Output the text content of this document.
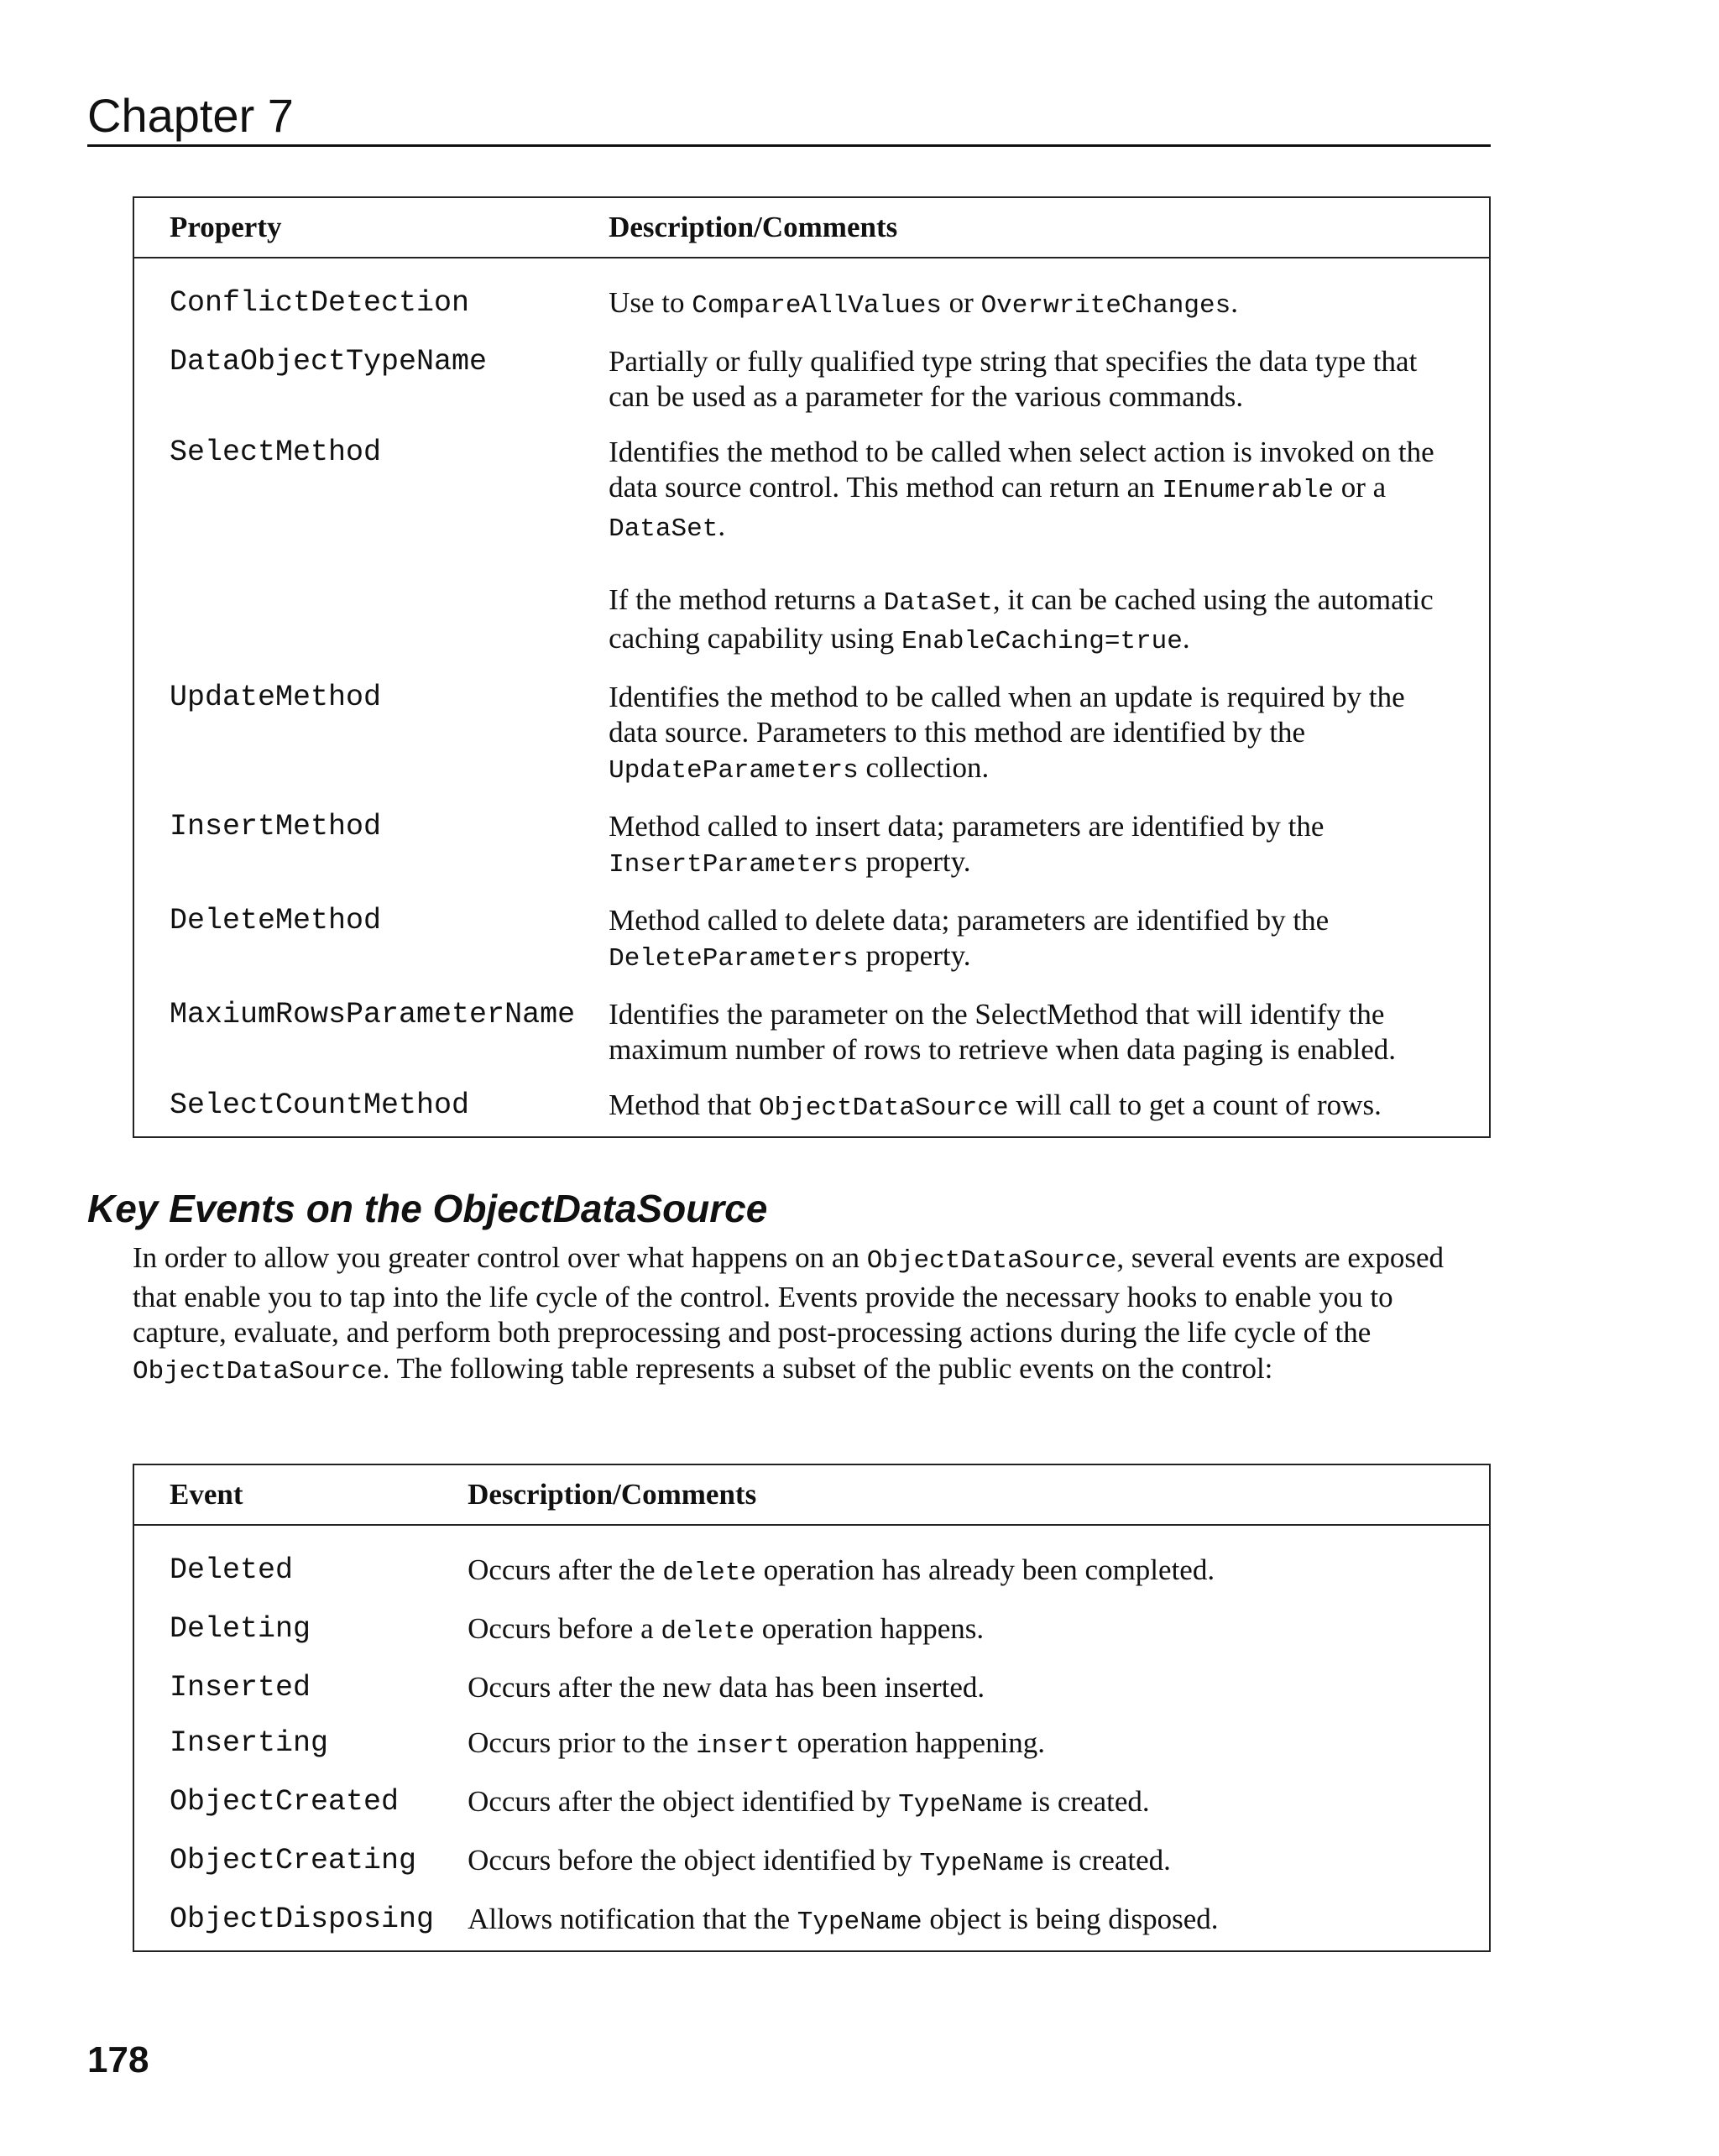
Chapter 7
Property	Description/Comments
ConflictDetection	Use to CompareAllValues or OverwriteChanges.
DataObjectTypeName	Partially or fully qualified type string that specifies the data type that can be used as a parameter for the various commands.
SelectMethod	Identifies the method to be called when select action is invoked on the data source control. This method can return an IEnumerable or a DataSet.
If the method returns a DataSet, it can be cached using the automatic caching capability using EnableCaching=true.

UpdateMethod	Identifies the method to be called when an update is required by the data source. Parameters to this method are identified by the UpdateParameters collection.
InsertMethod	Method called to insert data; parameters are identified by the InsertParameters property.
DeleteMethod	Method called to delete data; parameters are identified by the DeleteParameters property.
MaxiumRowsParameterName	Identifies the parameter on the SelectMethod that will identify the maximum number of rows to retrieve when data paging is enabled.
SelectCountMethod	Method that ObjectDataSource will call to get a count of rows.
Key Events on the ObjectDataSource
In order to allow you greater control over what happens on an ObjectDataSource, several events are exposed that enable you to tap into the life cycle of the control. Events provide the necessary hooks to enable you to capture, evaluate, and perform both preprocessing and post-processing actions during the life cycle of the ObjectDataSource. The following table represents a subset of the public events on the control:
Event	Description/Comments
Deleted	Occurs after the delete operation has already been completed.
Deleting	Occurs before a delete operation happens.
Inserted	Occurs after the new data has been inserted.
Inserting	Occurs prior to the insert operation happening.
ObjectCreated	Occurs after the object identified by TypeName is created.
ObjectCreating	Occurs before the object identified by TypeName is created.
ObjectDisposing	Allows notification that the TypeName object is being disposed.
178
